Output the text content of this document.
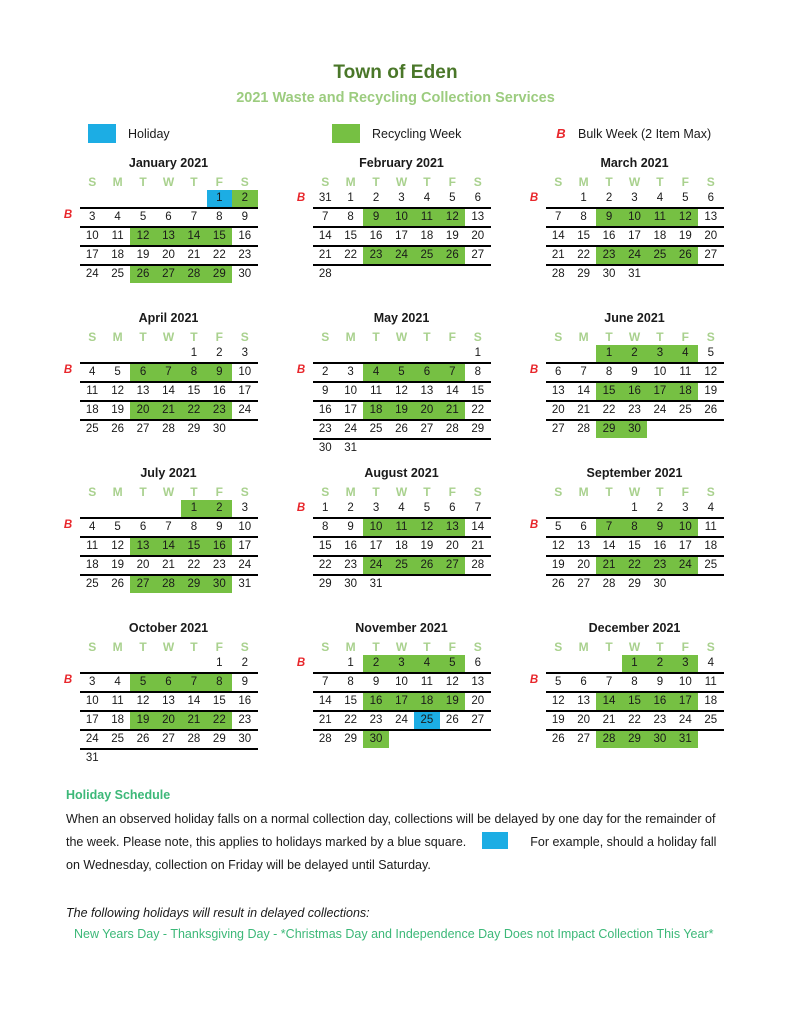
Town of Eden
2021 Waste and Recycling Collection Services
Holiday	Recycling Week	B Bulk Week (2 Item Max)
January 2021
S	M	T	W	T	F	S
					1	2
3	4	5	6	7	8	9
10	11	12	13	14	15	16
17	18	19	20	21	22	23
24	25	26	27	28	29	30
B
February 2021
S	M	T	W	T	F	S
31	1	2	3	4	5	6
7	8	9	10	11	12	13
14	15	16	17	18	19	20
21	22	23	24	25	26	27
28						
B
March 2021
S	M	T	W	T	F	S
	1	2	3	4	5	6
7	8	9	10	11	12	13
14	15	16	17	18	19	20
21	22	23	24	25	26	27
28	29	30	31			
B
April 2021
S	M	T	W	T	F	S
				1	2	3
4	5	6	7	8	9	10
11	12	13	14	15	16	17
18	19	20	21	22	23	24
25	26	27	28	29	30	
B
May 2021
S	M	T	W	T	F	S
						1
2	3	4	5	6	7	8
9	10	11	12	13	14	15
16	17	18	19	20	21	22
23	24	25	26	27	28	29
30	31					
B
June 2021
S	M	T	W	T	F	S
		1	2	3	4	5
6	7	8	9	10	11	12
13	14	15	16	17	18	19
20	21	22	23	24	25	26
27	28	29	30			
B
July 2021
S	M	T	W	T	F	S
				1	2	3
4	5	6	7	8	9	10
11	12	13	14	15	16	17
18	19	20	21	22	23	24
25	26	27	28	29	30	31
B
August 2021
S	M	T	W	T	F	S
1	2	3	4	5	6	7
8	9	10	11	12	13	14
15	16	17	18	19	20	21
22	23	24	25	26	27	28
29	30	31				
B
September 2021
S	M	T	W	T	F	S
			1	2	3	4
5	6	7	8	9	10	11
12	13	14	15	16	17	18
19	20	21	22	23	24	25
26	27	28	29	30		
B
October 2021
S	M	T	W	T	F	S
					1	2
3	4	5	6	7	8	9
10	11	12	13	14	15	16
17	18	19	20	21	22	23
24	25	26	27	28	29	30
31						
B
November 2021
S	M	T	W	T	F	S
	1	2	3	4	5	6
7	8	9	10	11	12	13
14	15	16	17	18	19	20
21	22	23	24	25	26	27
28	29	30				
B
December 2021
S	M	T	W	T	F	S
			1	2	3	4
5	6	7	8	9	10	11
12	13	14	15	16	17	18
19	20	21	22	23	24	25
26	27	28	29	30	31	
B
Holiday Schedule
When an observed holiday falls on a normal collection day, collections will be delayed by one day for the remainder of the week. Please note, this applies to holidays marked by a blue square.	For example, should a holiday fall on Wednesday, collection on Friday will be delayed until Saturday.
The following holidays will result in delayed collections:
New Years Day - Thanksgiving Day - *Christmas Day and Independence Day Does not Impact Collection This Year*
